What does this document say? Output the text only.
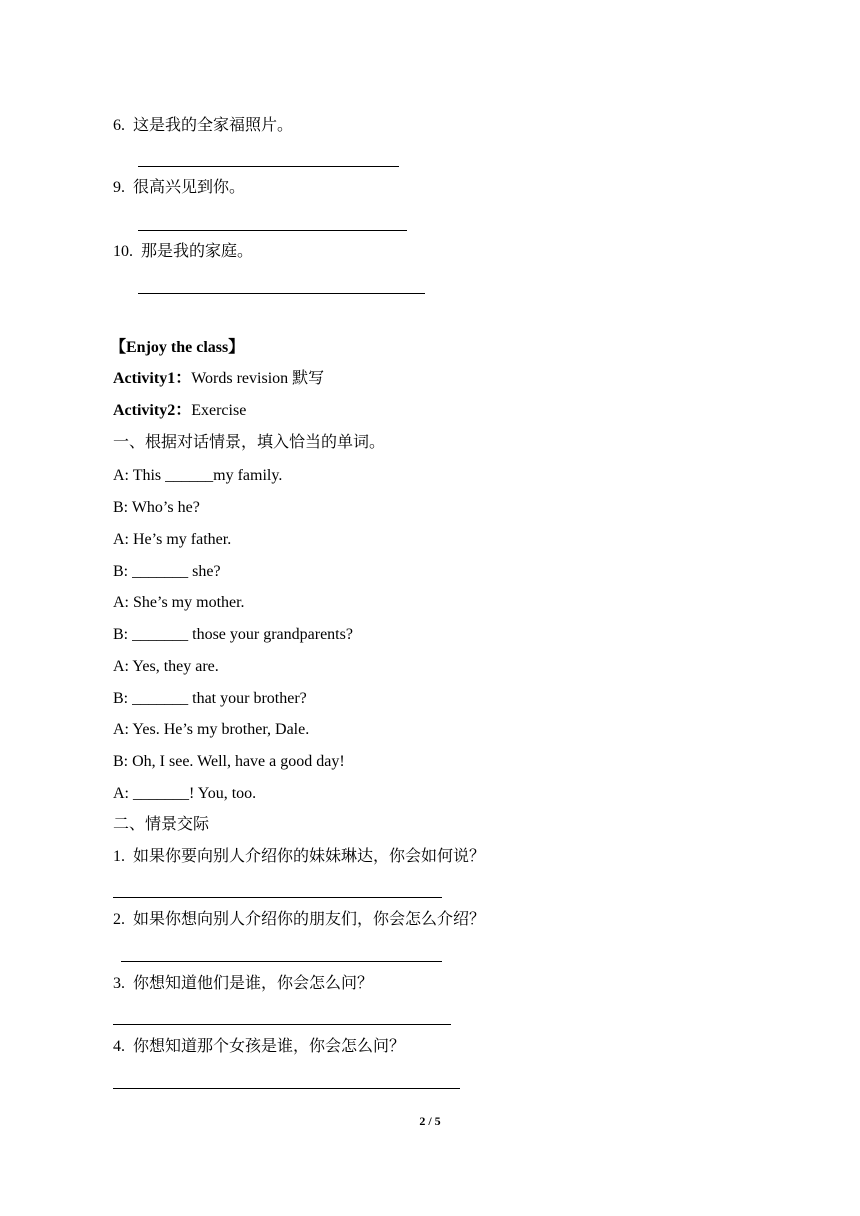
6. 这是我的全家福照片。
9. 很高兴见到你。
10. 那是我的家庭。
【Enjoy the class】
Activity1：Words revision 默写
Activity2：Exercise
一、根据对话情景，填入恰当的单词。
A: This ______my family.
B: Who’s he?
A: He’s my father.
B: _______ she?
A: She’s my mother.
B: _______ those your grandparents?
A: Yes, they are.
B: _______ that your brother?
A: Yes. He’s my brother, Dale.
B: Oh, I see. Well, have a good day!
A: _______! You, too.
二、情景交际
1. 如果你要向别人介绍你的妹妹琳达，你会如何说？
2. 如果你想向别人介绍你的朋友们，你会怎么介绍？
3. 你想知道他们是谁，你会怎么问？
4. 你想知道那个女孩是谁，你会怎么问？
2 / 5
